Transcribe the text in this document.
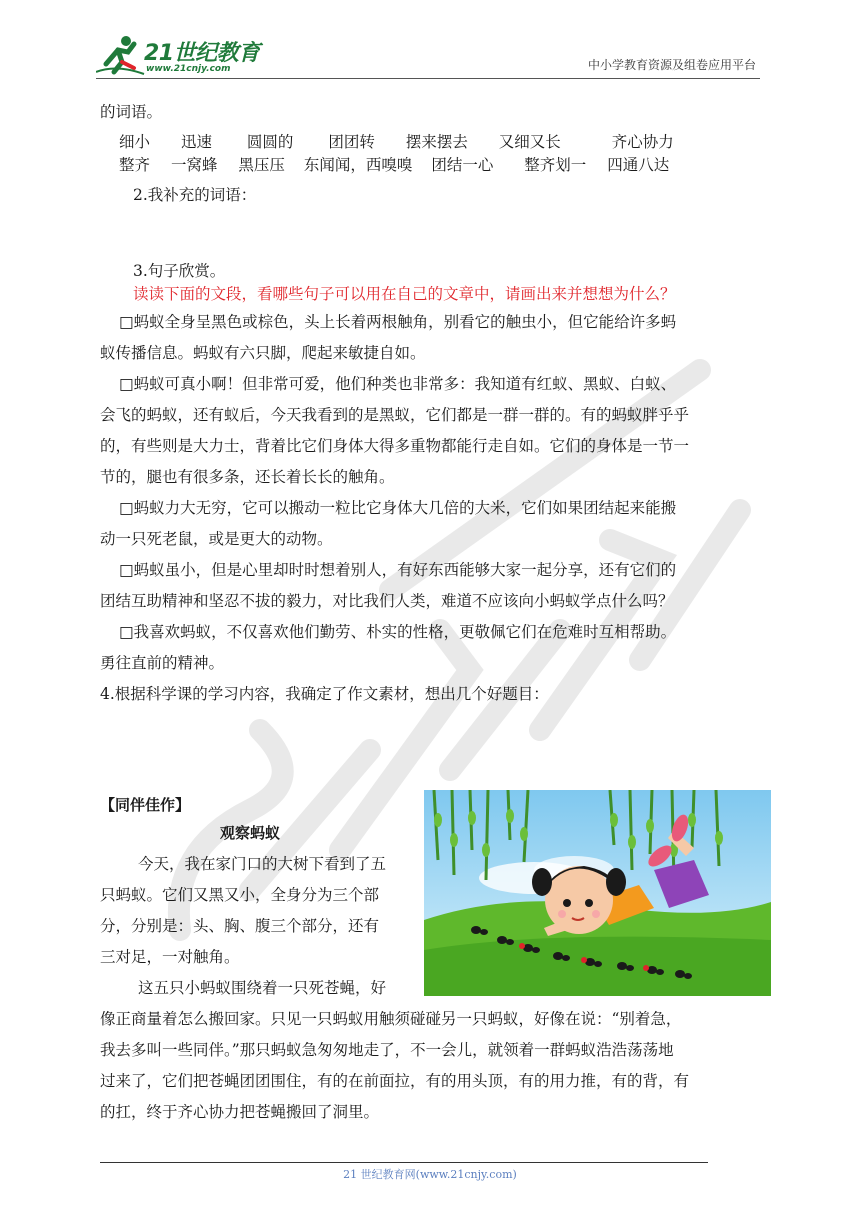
21世纪教育
www.21cnjy.com	中小学教育资源及组卷应用平台
的词语。
细小 迅速 圆圆的 团团转 摆来摆去 又细又长	齐心协力
整齐 一窝蜂 黑压压 东闻闻，西嗅嗅 团结一心 整齐划一 四通八达
2.我补充的词语：
3.句子欣赏。
读读下面的文段，看哪些句子可以用在自己的文章中，请画出来并想想为什么？
□蚂蚁全身呈黑色或棕色，头上长着两根触角，别看它的触虫小，但它能给许多蚂
蚁传播信息。蚂蚁有六只脚，爬起来敏捷自如。
□蚂蚁可真小啊！但非常可爱，他们种类也非常多：我知道有红蚁、黑蚁、白蚁、
会飞的蚂蚁，还有蚁后，今天我看到的是黑蚁，它们都是一群一群的。有的蚂蚁胖乎乎
的，有些则是大力士，背着比它们身体大得多重物都能行走自如。它们的身体是一节一
节的，腿也有很多条，还长着长长的触角。
□蚂蚁力大无穷，它可以搬动一粒比它身体大几倍的大米，它们如果团结起来能搬
动一只死老鼠，或是更大的动物。
□蚂蚁虽小，但是心里却时时想着别人，有好东西能够大家一起分享，还有它们的
团结互助精神和坚忍不拔的毅力，对比我们人类，难道不应该向小蚂蚁学点什么吗？
□我喜欢蚂蚁，不仅喜欢他们勤劳、朴实的性格，更敬佩它们在危难时互相帮助。
勇往直前的精神。
4.根据科学课的学习内容，我确定了作文素材，想出几个好题目：
【同伴佳作】
观察蚂蚁
今天，我在家门口的大树下看到了五
只蚂蚁。它们又黑又小，全身分为三个部
分，分别是：头、胸、腹三个部分，还有
三对足，一对触角。
这五只小蚂蚁围绕着一只死苍蝇，好
像正商量着怎么搬回家。只见一只蚂蚁用触须碰碰另一只蚂蚁，好像在说：“别着急，
我去多叫一些同伴。”那只蚂蚁急匆匆地走了，不一会儿，就领着一群蚂蚁浩浩荡荡地
过来了，它们把苍蝇团团围住，有的在前面拉，有的用头顶，有的用力推，有的背，有
的扛，终于齐心协力把苍蝇搬回了洞里。
21 世纪教育网(www.21cnjy.com)
